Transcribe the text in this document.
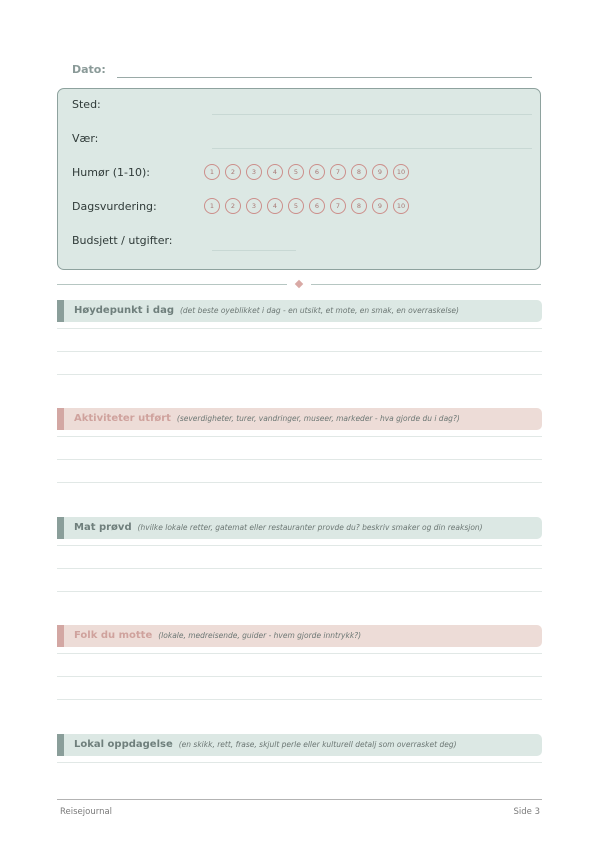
Dato:
Sted:
Vær:
Humør (1-10):	1	2	3	4	5	6	7	8	9	10
Dagsvurdering:	1	2	3	4	5	6	7	8	9	10
Budsjett / utgifter:
Høydepunkt i dag (det beste oyeblikket i dag - en utsikt, et mote, en smak, en overraskelse)
Aktiviteter utført (severdigheter, turer, vandringer, museer, markeder - hva gjorde du i dag?)
Mat prøvd (hvilke lokale retter, gatemat eller restauranter provde du? beskriv smaker og din reaksjon)
Folk du motte (lokale, medreisende, guider - hvem gjorde inntrykk?)
Lokal oppdagelse (en skikk, rett, frase, skjult perle eller kulturell detalj som overrasket deg)
Reisejournal	Side 3
